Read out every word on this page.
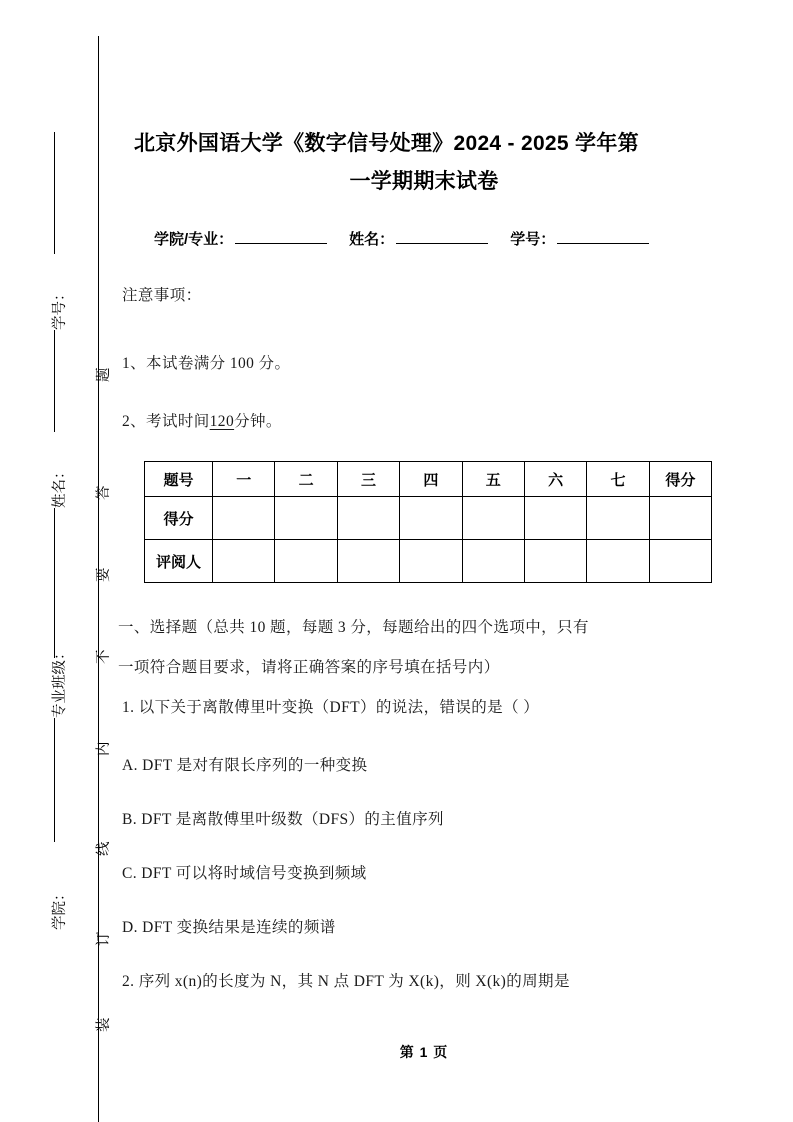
学号：
姓名：
专业班级：
学院：
题
答
要
不
内
线
订
装
北京外国语大学《数字信号处理》2024 - 2025 学年第
一学期期末试卷
学院/专业：	姓名：	学号：
注意事项：
1、本试卷满分 100 分。
2、考试时间120分钟。
题号	一	二	三	四	五	六	七	得分
得分								
评阅人								
一、选择题（总共 10 题，每题 3 分，每题给出的四个选项中，只有
一项符合题目要求，请将正确答案的序号填在括号内）
1. 以下关于离散傅里叶变换（DFT）的说法，错误的是（ ）
A. DFT 是对有限长序列的一种变换
B. DFT 是离散傅里叶级数（DFS）的主值序列
C. DFT 可以将时域信号变换到频域
D. DFT 变换结果是连续的频谱
2. 序列 x(n)的长度为 N，其 N 点 DFT 为 X(k)，则 X(k)的周期是
第 1 页
